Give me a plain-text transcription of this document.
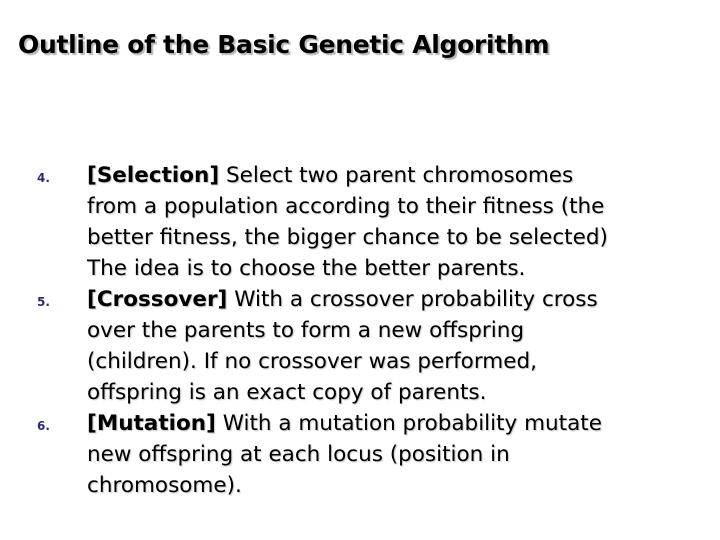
Outline of the Basic Genetic Algorithm
4. [Selection] Select two parent chromosomes
from a population according to their fitness (the
better fitness, the bigger chance to be selected)
The idea is to choose the better parents.

5. [Crossover] With a crossover probability cross
over the parents to form a new offspring
(children). If no crossover was performed,
offspring is an exact copy of parents.

6. [Mutation] With a mutation probability mutate
new offspring at each locus (position in
chromosome).
